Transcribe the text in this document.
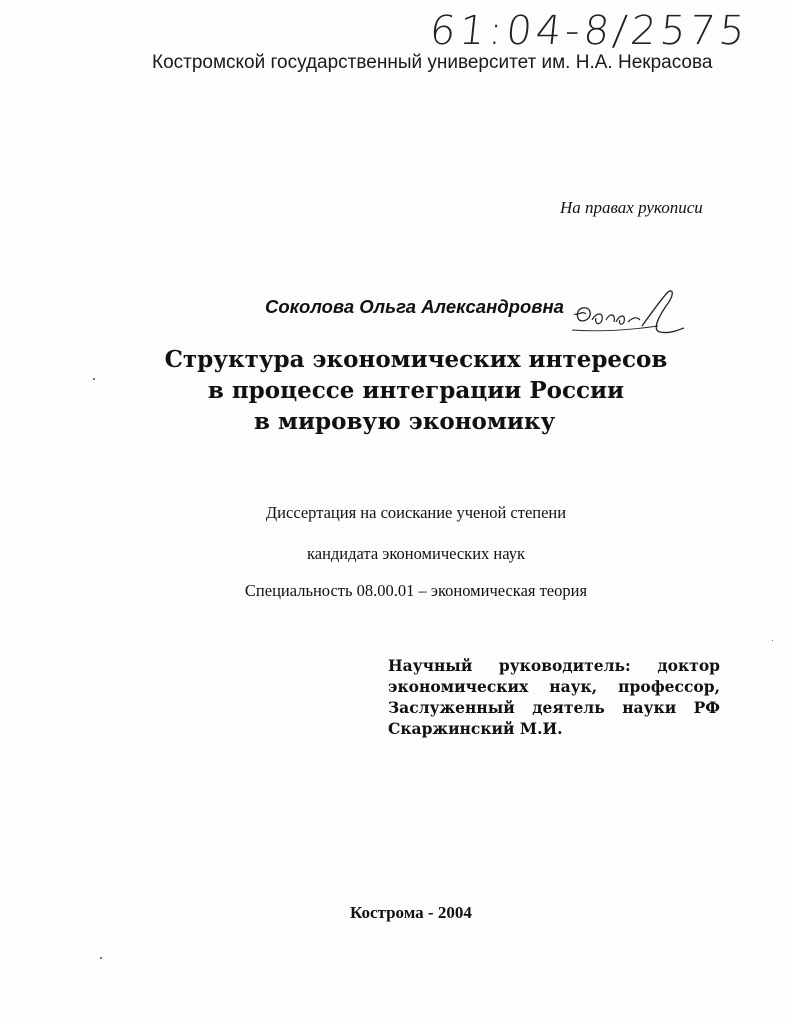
61:04-8/2575
Костромской государственный университет им. Н.А. Некрасова
На правах рукописи
Соколова Ольга Александровна
Структура экономических интересов
в процессе интеграции России
в мировую экономику
Диссертация на соискание ученой степени
кандидата экономических наук
Специальность 08.00.01 – экономическая теория
Научный руководитель: доктор
экономических наук, профессор,
Заслуженный деятель науки РФ
Скаржинский М.И.
Кострома - 2004
